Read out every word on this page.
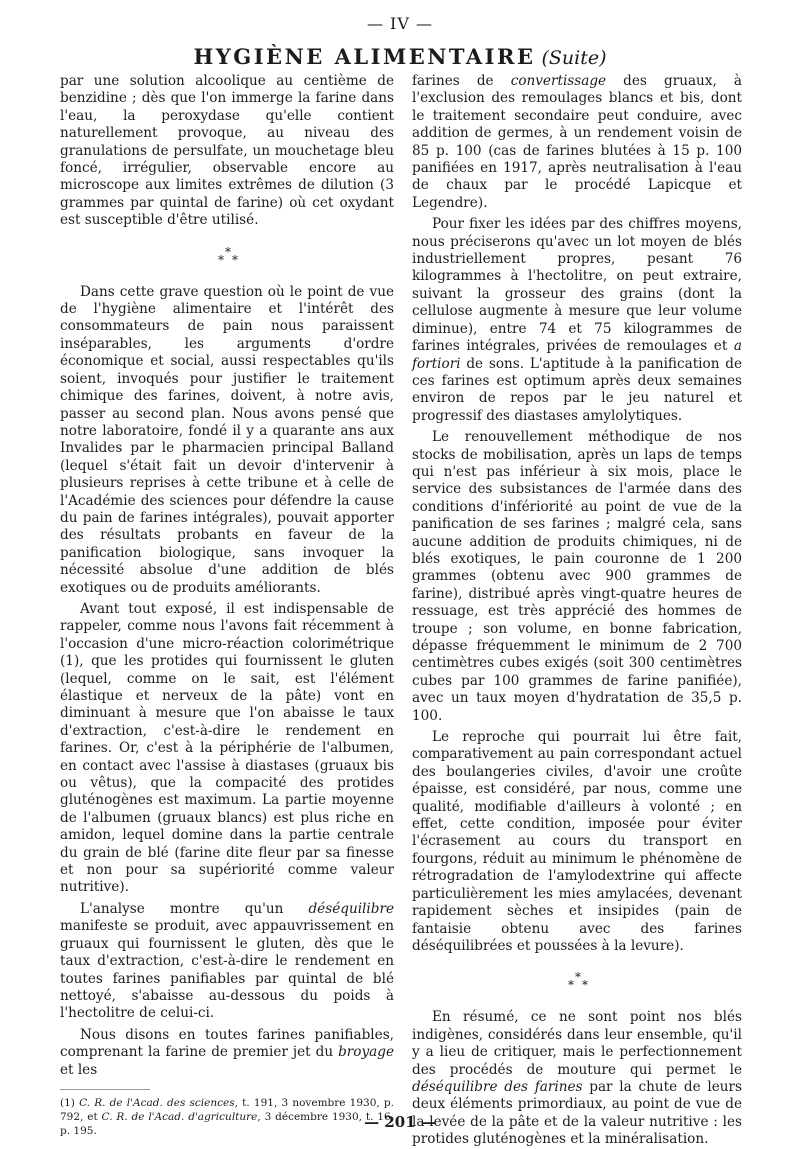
— IV —
HYGIÈNE ALIMENTAIRE (Suite)

par une solution alcoolique au centième de benzidine ; dès que l'on immerge la farine dans l'eau, la peroxydase qu'elle contient naturellement provoque, au niveau des granulations de persulfate, un mouchetage bleu foncé, irrégulier, observable encore au microscope aux limites extrêmes de dilution (3 grammes par quintal de farine) où cet oxydant est susceptible d'être utilisé.

*
* *

Dans cette grave question où le point de vue de l'hygiène alimentaire et l'intérêt des consommateurs de pain nous paraissent inséparables, les arguments d'ordre économique et social, aussi respectables qu'ils soient, invoqués pour justifier le traitement chimique des farines, doivent, à notre avis, passer au second plan. Nous avons pensé que notre laboratoire, fondé il y a quarante ans aux Invalides par le pharmacien principal Balland (lequel s'était fait un devoir d'intervenir à plusieurs reprises à cette tribune et à celle de l'Académie des sciences pour défendre la cause du pain de farines intégrales), pouvait apporter des résultats probants en faveur de la panification biologique, sans invoquer la nécessité absolue d'une addition de blés exotiques ou de produits améliorants.

Avant tout exposé, il est indispensable de rappeler, comme nous l'avons fait récemment à l'occasion d'une micro-réaction colorimétrique (1), que les protides qui fournissent le gluten (lequel, comme on le sait, est l'élément élastique et nerveux de la pâte) vont en diminuant à mesure que l'on abaisse le taux d'extraction, c'est-à-dire le rendement en farines. Or, c'est à la périphérie de l'albumen, en contact avec l'assise à diastases (gruaux bis ou vêtus), que la compacité des protides gluténogènes est maximum. La partie moyenne de l'albumen (gruaux blancs) est plus riche en amidon, lequel domine dans la partie centrale du grain de blé (farine dite fleur par sa finesse et non pour sa supériorité comme valeur nutritive).

L'analyse montre qu'un déséquilibre manifeste se produit, avec appauvrissement en gruaux qui fournissent le gluten, dès que le taux d'extraction, c'est-à-dire le rendement en toutes farines panifiables par quintal de blé nettoyé, s'abaisse au-dessous du poids à l'hectolitre de celui-ci.

Nous disons en toutes farines panifiables, comprenant la farine de premier jet du broyage et les

(1) C. R. de l'Acad. des sciences, t. 191, 3 novembre 1930, p. 792, et C. R. de l'Acad. d'agriculture, 3 décembre 1930, t. 16, p. 195.

farines de convertissage des gruaux, à l'exclusion des remoulages blancs et bis, dont le traitement secondaire peut conduire, avec addition de germes, à un rendement voisin de 85 p. 100 (cas de farines blutées à 15 p. 100 panifiées en 1917, après neutralisation à l'eau de chaux par le procédé Lapicque et Legendre).

Pour fixer les idées par des chiffres moyens, nous préciserons qu'avec un lot moyen de blés industriellement propres, pesant 76 kilogrammes à l'hectolitre, on peut extraire, suivant la grosseur des grains (dont la cellulose augmente à mesure que leur volume diminue), entre 74 et 75 kilogrammes de farines intégrales, privées de remoulages et a fortiori de sons. L'aptitude à la panification de ces farines est optimum après deux semaines environ de repos par le jeu naturel et progressif des diastases amylolytiques.

Le renouvellement méthodique de nos stocks de mobilisation, après un laps de temps qui n'est pas inférieur à six mois, place le service des subsistances de l'armée dans des conditions d'infériorité au point de vue de la panification de ses farines ; malgré cela, sans aucune addition de produits chimiques, ni de blés exotiques, le pain couronne de 1 200 grammes (obtenu avec 900 grammes de farine), distribué après vingt-quatre heures de ressuage, est très apprécié des hommes de troupe ; son volume, en bonne fabrication, dépasse fréquemment le minimum de 2 700 centimètres cubes exigés (soit 300 centimètres cubes par 100 grammes de farine panifiée), avec un taux moyen d'hydratation de 35,5 p. 100.

Le reproche qui pourrait lui être fait, comparativement au pain correspondant actuel des boulangeries civiles, d'avoir une croûte épaisse, est considéré, par nous, comme une qualité, modifiable d'ailleurs à volonté ; en effet, cette condition, imposée pour éviter l'écrasement au cours du transport en fourgons, réduit au minimum le phénomène de rétrogradation de l'amylodextrine qui affecte particulièrement les mies amylacées, devenant rapidement sèches et insipides (pain de fantaisie obtenu avec des farines déséquilibrées et poussées à la levure).

*
* *

En résumé, ce ne sont point nos blés indigènes, considérés dans leur ensemble, qu'il y a lieu de critiquer, mais le perfectionnement des procédés de mouture qui permet le déséquilibre des farines par la chute de leurs deux éléments primordiaux, au point de vue de la levée de la pâte et de la valeur nutritive : les protides gluténogènes et la minéralisation.

— 201 —
